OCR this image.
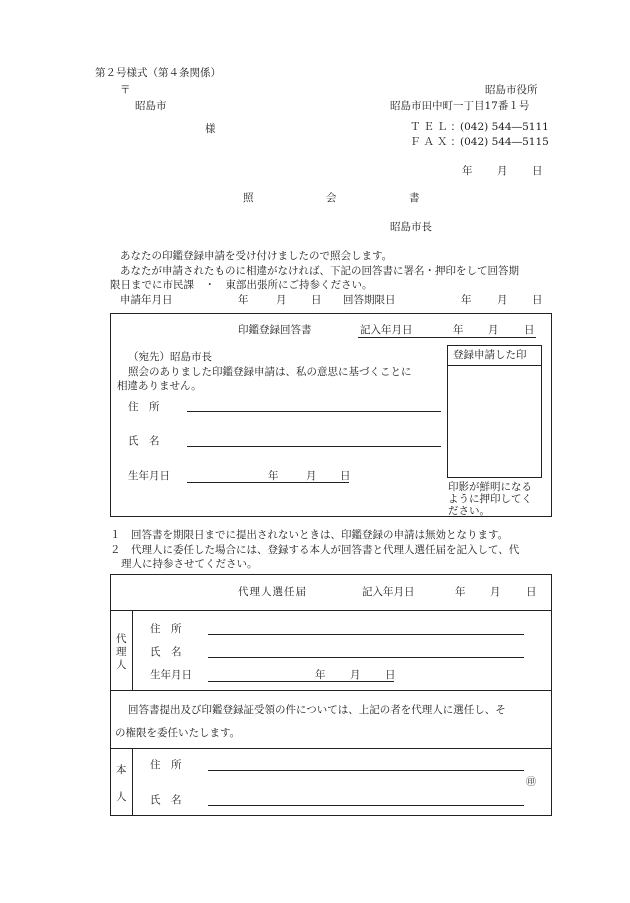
第２号様式（第４条関係）
〒
昭島市
様
昭島市役所
昭島市田中町一丁目17番１号
ＴＥＬ：
(042) 544―5111
ＦＡＸ：
(042) 544―5115
年 月 日
照	会	書
昭島市長
あなたの印鑑登録申請を受け付けましたので照会します。
あなたが申請されたものに相違がなければ、下記の回答書に署名・押印をして回答期
限日までに市民課　・　東部出張所にご持参ください。
申請年月日	年	月 日 回答期限日	年 月 日
印鑑登録回答書	記入年月日	年 月 日
（宛先）昭島市長
照会のありました印鑑登録申請は、私の意思に基づくことに
相違ありません。
住　所
氏　名
生年月日	年	月 日
登録申請した印
印影が鮮明になる
ように押印してく
ださい。
１　回答書を期限日までに提出されないときは、印鑑登録の申請は無効となります。
２　代理人に委任した場合には、登録する本人が回答書と代理人選任届を記入して、代
理人に持参させてください。
代理人選任届	記入年月日	年 月 日
代
理
人
住　所
氏　名
生年月日	年 月 日
回答書提出及び印鑑登録証受領の件については、上記の者を代理人に選任し、そ
の権限を委任いたします。
本
人
住　所
氏　名
㊞
